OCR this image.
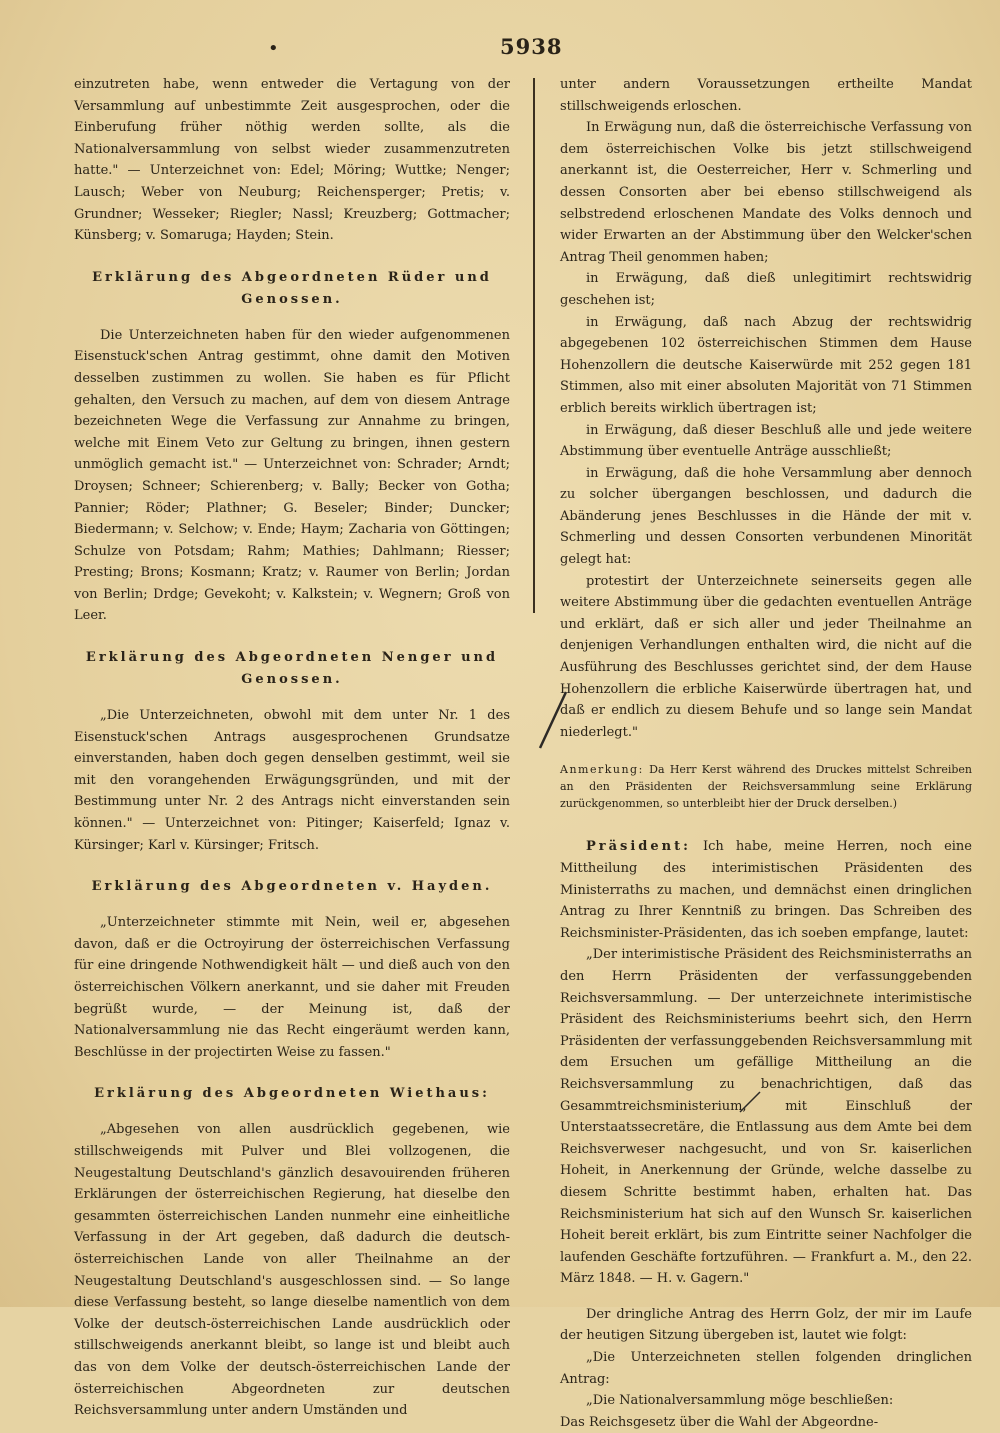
•	5938

einzutreten habe, wenn entweder die Vertagung von der Versammlung auf unbestimmte Zeit ausgesprochen, oder die Einberufung früher nöthig werden sollte, als die Nationalversammlung von selbst wieder zusammenzutreten hatte." — Unterzeichnet von: Edel; Möring; Wuttke; Nenger; Lausch; Weber von Neuburg; Reichensperger; Pretis; v. Grundner; Wesseker; Riegler; Nassl; Kreuzberg; Gottmacher; Künsberg; v. Somaruga; Hayden; Stein.

Erklärung des Abgeordneten Rüder und Genossen.

Die Unterzeichneten haben für den wieder aufgenommenen Eisenstuck'schen Antrag gestimmt, ohne damit den Motiven desselben zustimmen zu wollen. Sie haben es für Pflicht gehalten, den Versuch zu machen, auf dem von diesem Antrage bezeichneten Wege die Verfassung zur Annahme zu bringen, welche mit Einem Veto zur Geltung zu bringen, ihnen gestern unmöglich gemacht ist." — Unterzeichnet von: Schrader; Arndt; Droysen; Schneer; Schierenberg; v. Bally; Becker von Gotha; Pannier; Röder; Plathner; G. Beseler; Binder; Duncker; Biedermann; v. Selchow; v. Ende; Haym; Zacharia von Göttingen; Schulze von Potsdam; Rahm; Mathies; Dahlmann; Riesser; Presting; Brons; Kosmann; Kratz; v. Raumer von Berlin; Jordan von Berlin; Drdge; Gevekoht; v. Kalkstein; v. Wegnern; Groß von Leer.

Erklärung des Abgeordneten Nenger und Genossen.

„Die Unterzeichneten, obwohl mit dem unter Nr. 1 des Eisenstuck'schen Antrags ausgesprochenen Grundsatze einverstanden, haben doch gegen denselben gestimmt, weil sie mit den vorangehenden Erwägungsgründen, und mit der Bestimmung unter Nr. 2 des Antrags nicht einverstanden sein können." — Unterzeichnet von: Pitinger; Kaiserfeld; Ignaz v. Kürsinger; Karl v. Kürsinger; Fritsch.

Erklärung des Abgeordneten v. Hayden.

„Unterzeichneter stimmte mit Nein, weil er, abgesehen davon, daß er die Octroyirung der österreichischen Verfassung für eine dringende Nothwendigkeit hält — und dieß auch von den österreichischen Völkern anerkannt, und sie daher mit Freuden begrüßt wurde, — der Meinung ist, daß der Nationalversammlung nie das Recht eingeräumt werden kann, Beschlüsse in der projectirten Weise zu fassen."

Erklärung des Abgeordneten Wiethaus:

„Abgesehen von allen ausdrücklich gegebenen, wie stillschweigends mit Pulver und Blei vollzogenen, die Neugestaltung Deutschland's gänzlich desavouirenden früheren Erklärungen der österreichischen Regierung, hat dieselbe den gesammten österreichischen Landen nunmehr eine einheitliche Verfassung in der Art gegeben, daß dadurch die deutsch-österreichischen Lande von aller Theilnahme an der Neugestaltung Deutschland's ausgeschlossen sind. — So lange diese Verfassung besteht, so lange dieselbe namentlich von dem Volke der deutsch-österreichischen Lande ausdrücklich oder stillschweigends anerkannt bleibt, so lange ist und bleibt auch das von dem Volke der deutsch-österreichischen Lande der österreichischen Abgeordneten zur deutschen Reichsversammlung unter andern Umständen und

unter andern Voraussetzungen ertheilte Mandat stillschweigends erloschen.

In Erwägung nun, daß die österreichische Verfassung von dem österreichischen Volke bis jetzt stillschweigend anerkannt ist, die Oesterreicher, Herr v. Schmerling und dessen Consorten aber bei ebenso stillschweigend als selbstredend erloschenen Mandate des Volks dennoch und wider Erwarten an der Abstimmung über den Welcker'schen Antrag Theil genommen haben;

in Erwägung, daß dieß unlegitimirt rechtswidrig geschehen ist;

in Erwägung, daß nach Abzug der rechtswidrig abgegebenen 102 österreichischen Stimmen dem Hause Hohenzollern die deutsche Kaiserwürde mit 252 gegen 181 Stimmen, also mit einer absoluten Majorität von 71 Stimmen erblich bereits wirklich übertragen ist;

in Erwägung, daß dieser Beschluß alle und jede weitere Abstimmung über eventuelle Anträge ausschließt;

in Erwägung, daß die hohe Versammlung aber dennoch zu solcher übergangen beschlossen, und dadurch die Abänderung jenes Beschlusses in die Hände der mit v. Schmerling und dessen Consorten verbundenen Minorität gelegt hat:

protestirt der Unterzeichnete seinerseits gegen alle weitere Abstimmung über die gedachten eventuellen Anträge und erklärt, daß er sich aller und jeder Theilnahme an denjenigen Verhandlungen enthalten wird, die nicht auf die Ausführung des Beschlusses gerichtet sind, der dem Hause Hohenzollern die erbliche Kaiserwürde übertragen hat, und daß er endlich zu diesem Behufe und so lange sein Mandat niederlegt."

Anmerkung: Da Herr Kerst während des Druckes mittelst Schreiben an den Präsidenten der Reichsversammlung seine Erklärung zurückgenommen, so unterbleibt hier der Druck derselben.)

Präsident: Ich habe, meine Herren, noch eine Mittheilung des interimistischen Präsidenten des Ministerraths zu machen, und demnächst einen dringlichen Antrag zu Ihrer Kenntniß zu bringen. Das Schreiben des Reichsminister-Präsidenten, das ich soeben empfange, lautet:

„Der interimistische Präsident des Reichsministerraths an den Herrn Präsidenten der verfassunggebenden Reichsversammlung. — Der unterzeichnete interimistische Präsident des Reichsministeriums beehrt sich, den Herrn Präsidenten der verfassunggebenden Reichsversammlung mit dem Ersuchen um gefällige Mittheilung an die Reichsversammlung zu benachrichtigen, daß das Gesammtreichsministerium, mit Einschluß der Unterstaatssecretäre, die Entlassung aus dem Amte bei dem Reichsverweser nachgesucht, und von Sr. kaiserlichen Hoheit, in Anerkennung der Gründe, welche dasselbe zu diesem Schritte bestimmt haben, erhalten hat. Das Reichsministerium hat sich auf den Wunsch Sr. kaiserlichen Hoheit bereit erklärt, bis zum Eintritte seiner Nachfolger die laufenden Geschäfte fortzuführen. — Frankfurt a. M., den 22. März 1848. — H. v. Gagern."

Der dringliche Antrag des Herrn Golz, der mir im Laufe der heutigen Sitzung übergeben ist, lautet wie folgt:

„Die Unterzeichneten stellen folgenden dringlichen Antrag:

„Die Nationalversammlung möge beschließen:

Das Reichsgesetz über die Wahl der Abgeordne-
